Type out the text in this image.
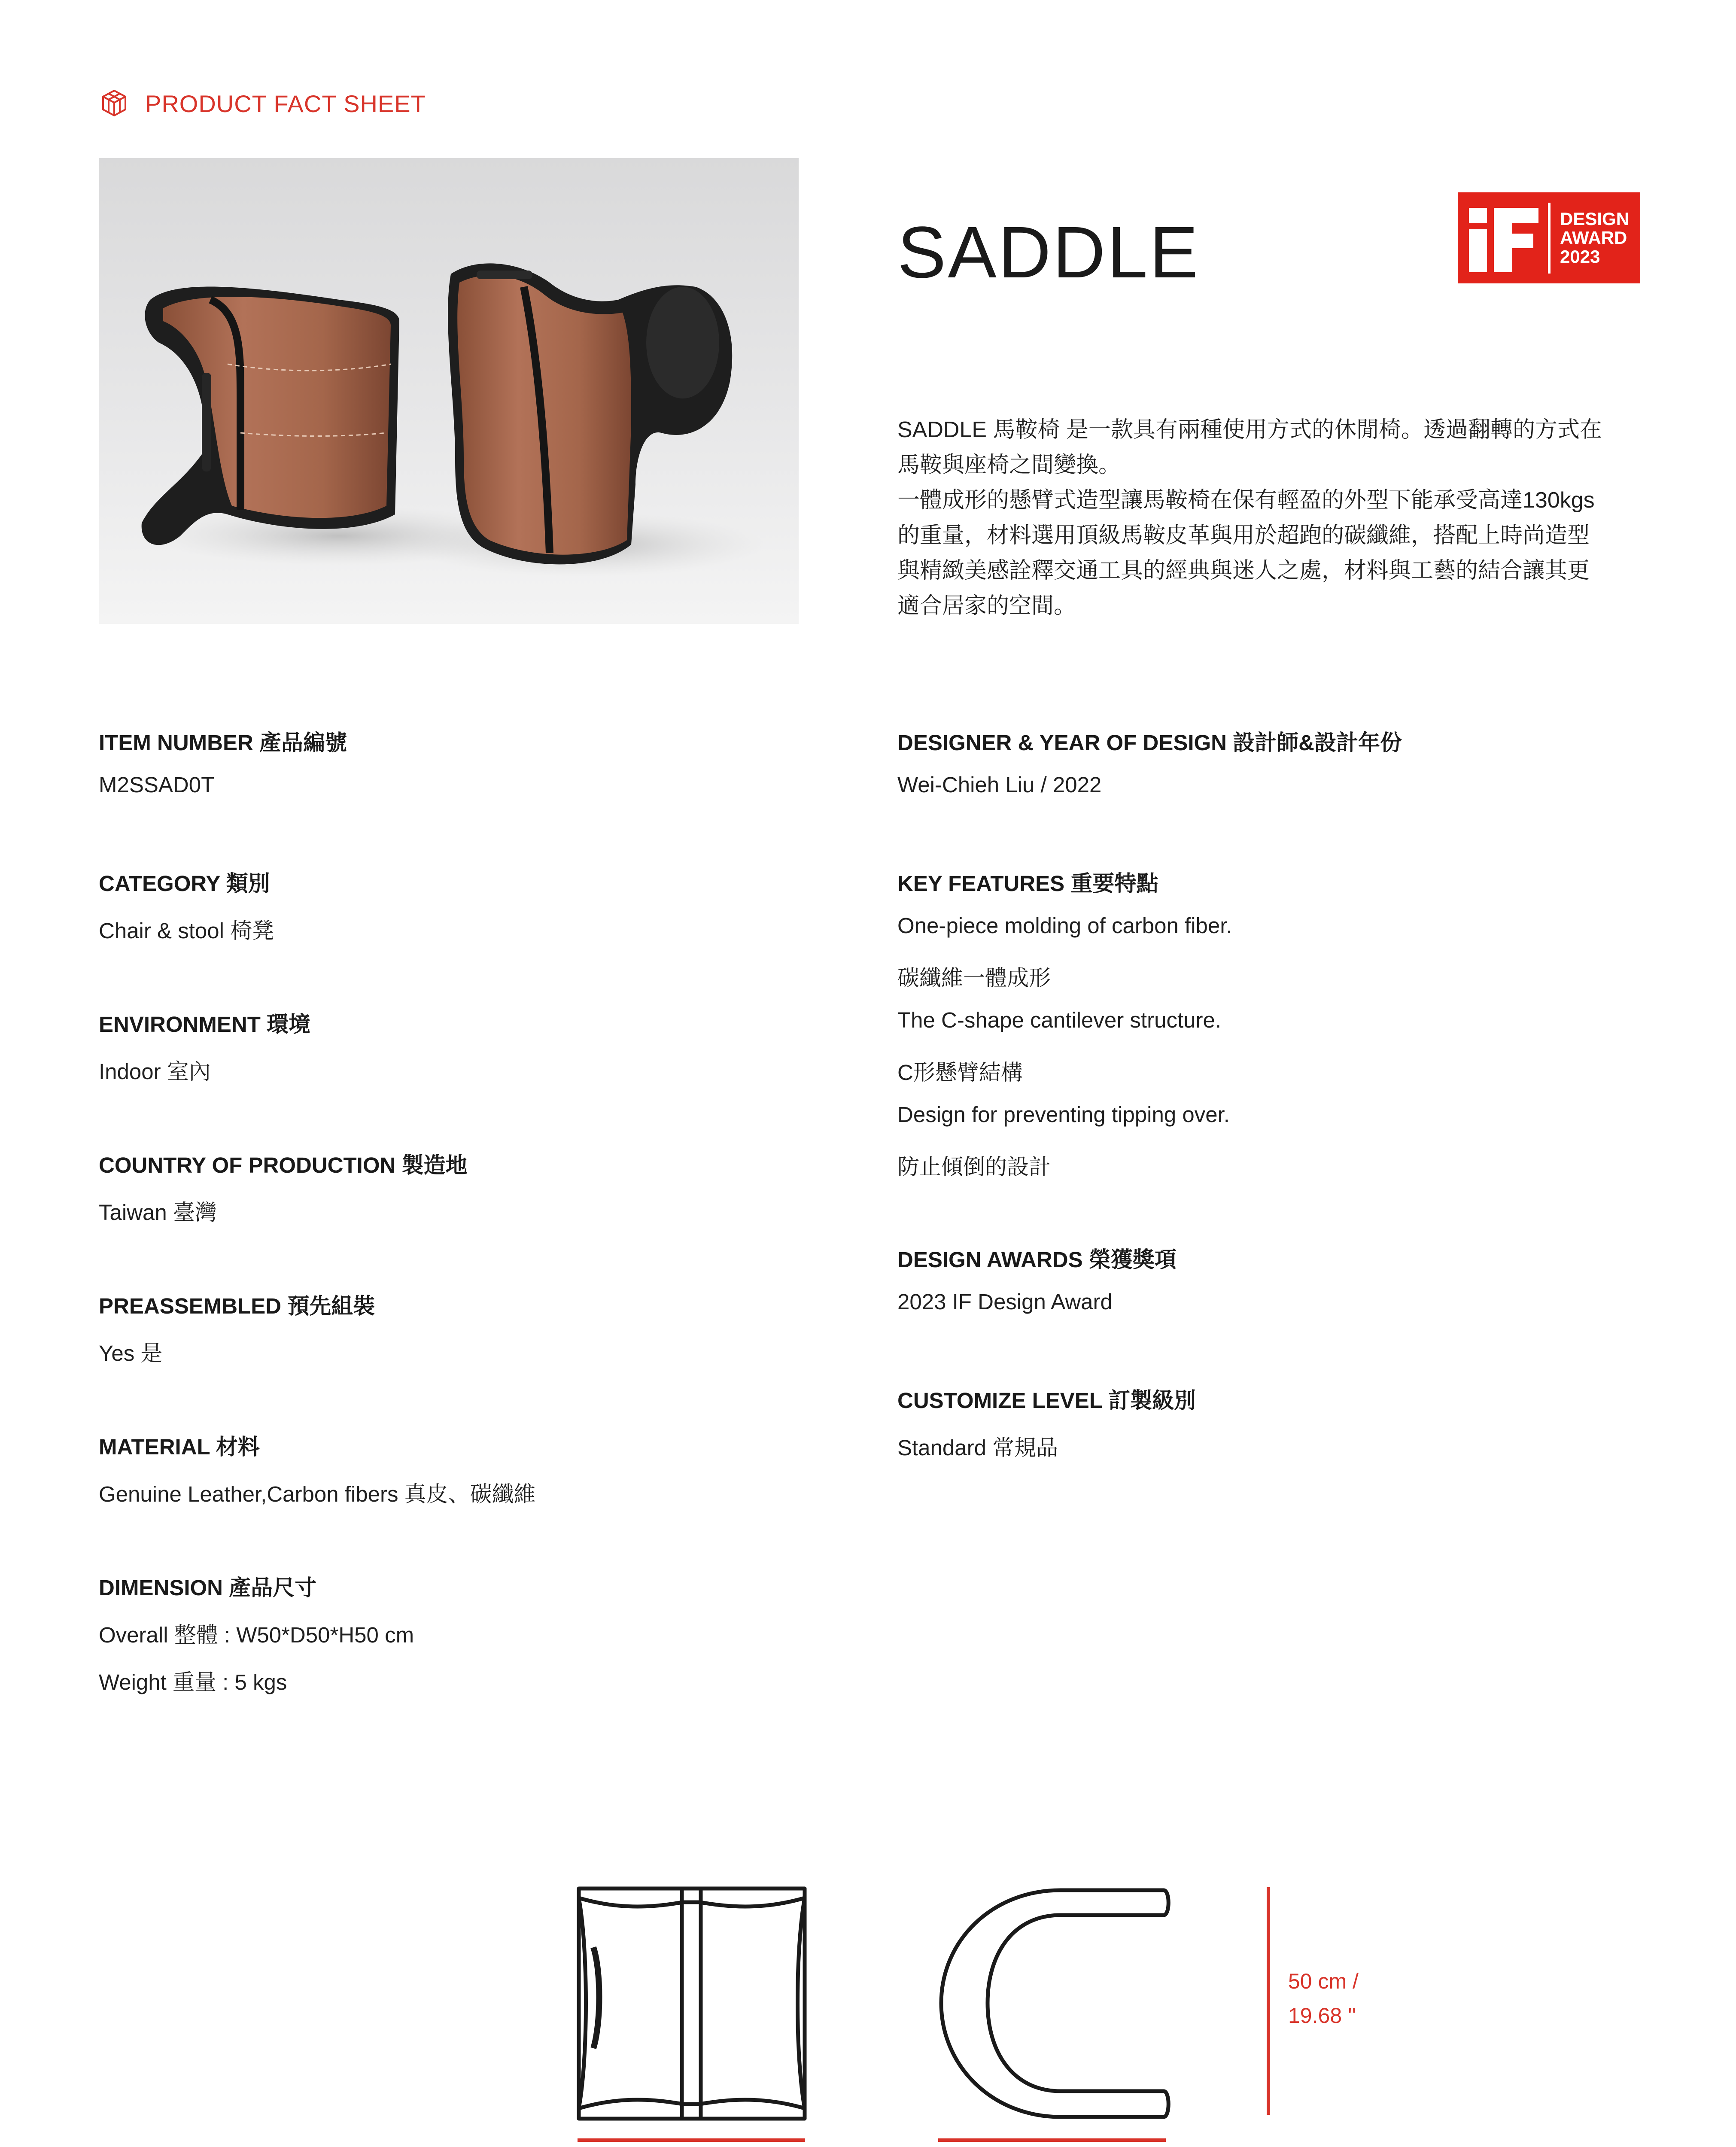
PRODUCT FACT SHEET
SADDLE	DESIGN
AWARD
2023

SADDLE 馬鞍椅 是一款具有兩種使用方式的休閒椅。透過翻轉的方式在

馬鞍與座椅之間變換。

一體成形的懸臂式造型讓馬鞍椅在保有輕盈的外型下能承受高達130kgs

的重量，材料選用頂級馬鞍皮革與用於超跑的碳纖維，搭配上時尚造型

與精緻美感詮釋交通工具的經典與迷人之處，材料與工藝的結合讓其更

適合居家的空間。

ITEM NUMBER 產品編號
M2SSAD0T
CATEGORY 類別
Chair & stool 椅凳
ENVIRONMENT 環境
Indoor 室內
COUNTRY OF PRODUCTION 製造地
Taiwan 臺灣
PREASSEMBLED 預先組裝
Yes 是
MATERIAL 材料
Genuine Leather,Carbon fibers 真皮、碳纖維
DIMENSION 產品尺寸
Overall 整體 : W50*D50*H50 cm
Weight 重量 : 5 kgs
DESIGNER & YEAR OF DESIGN 設計師&設計年份
Wei-Chieh Liu / 2022
KEY FEATURES 重要特點
One-piece molding of carbon fiber.
碳纖維一體成形
The C-shape cantilever structure.
C形懸臂結構
Design for preventing tipping over.
防止傾倒的設計
DESIGN AWARDS 榮獲獎項
2023 IF Design Award
CUSTOMIZE LEVEL 訂製級別
Standard 常規品
50 cm /
19.68 ''
